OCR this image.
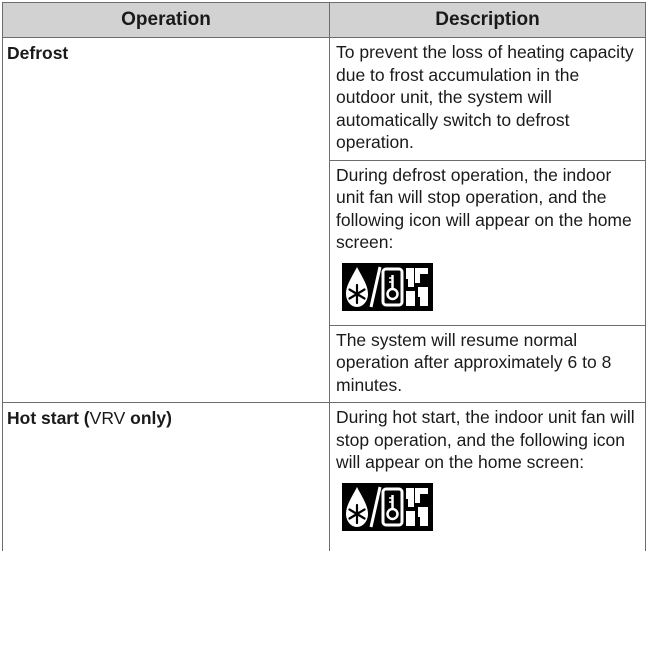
Operation	Description
Defrost	To prevent the loss of heating capacity due to frost accumulation in the outdoor unit, the system will automatically switch to defrost operation.
During defrost operation, the indoor unit fan will stop operation, and the following icon will appear on the home screen:
The system will resume normal operation after approximately 6 to 8 minutes.

Hot start (VRV only)	During hot start, the indoor unit fan will stop operation, and the following icon will appear on the home screen:
